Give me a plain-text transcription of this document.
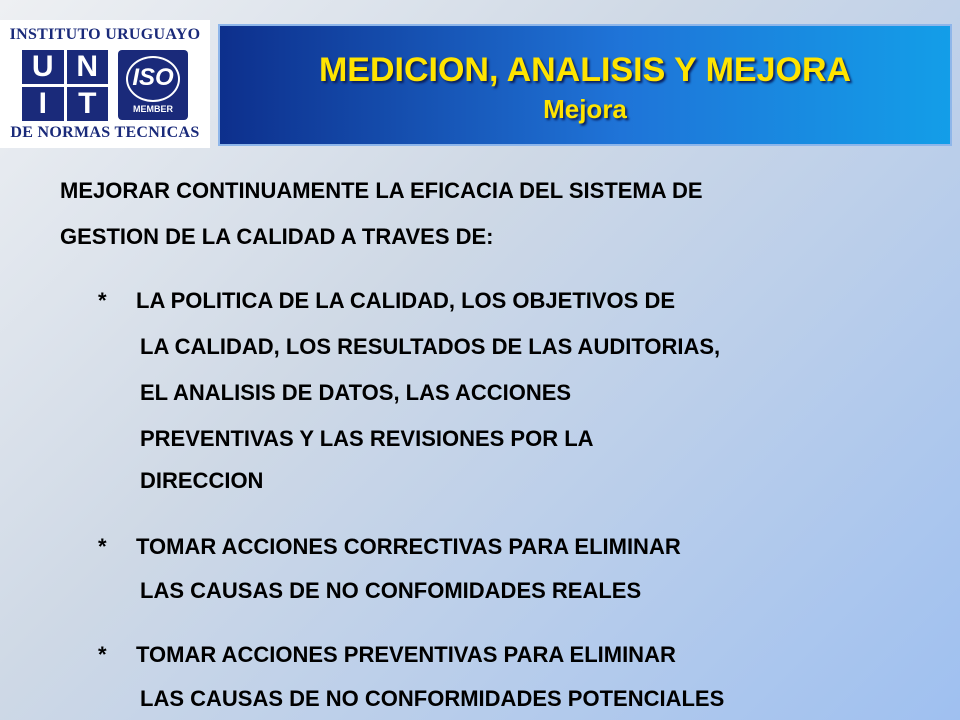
INSTITUTO URUGUAYO
U N
I	T
ISO
MEMBER
DE NORMAS TECNICAS
MEDICION, ANALISIS Y MEJORA
Mejora
MEJORAR CONTINUAMENTE LA EFICACIA DEL SISTEMA DE
GESTION DE LA CALIDAD A TRAVES DE:
* LA POLITICA DE LA CALIDAD, LOS OBJETIVOS DE
LA CALIDAD, LOS RESULTADOS DE LAS AUDITORIAS,
EL ANALISIS DE DATOS, LAS ACCIONES
PREVENTIVAS Y LAS REVISIONES POR LA
DIRECCION
* TOMAR ACCIONES CORRECTIVAS PARA ELIMINAR
LAS CAUSAS DE NO CONFOMIDADES REALES
* TOMAR ACCIONES PREVENTIVAS PARA ELIMINAR
LAS CAUSAS DE NO CONFORMIDADES POTENCIALES
